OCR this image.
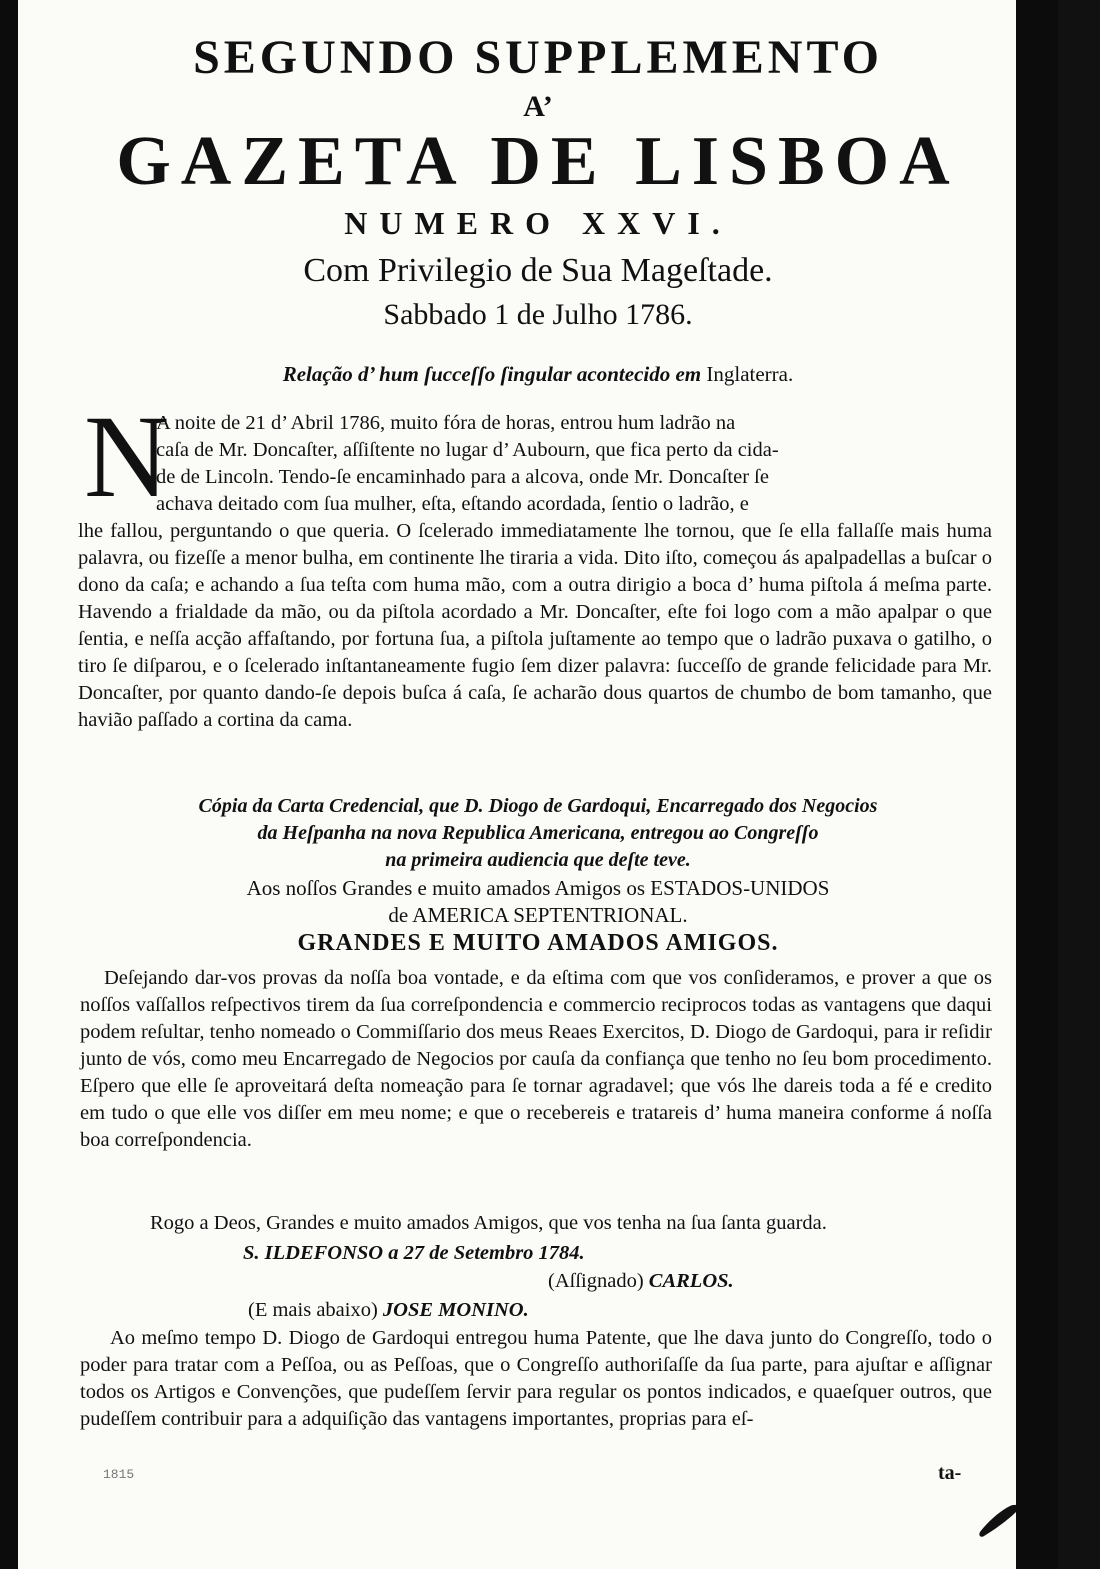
SEGUNDO SUPPLEMENTO
A’
GAZETA DE LISBOA
NUMERO XXVI.
Com Privilegio de Sua Mageſtade.
Sabbado 1 de Julho 1786.
Relação d’ hum ſucceſſo ſingular acontecido em Inglaterra.
N
A noite de 21 d’ Abril 1786, muito fóra de horas, entrou hum ladrão na
caſa de Mr. Doncaſter, aſſiſtente no lugar d’ Aubourn, que fica perto da cida-
de de Lincoln. Tendo-ſe encaminhado para a alcova, onde Mr. Doncaſter ſe
achava deitado com ſua mulher, eſta, eſtando acordada, ſentio o ladrão, e
lhe fallou, perguntando o que queria. O ſcelerado immediatamente lhe tornou, que ſe ella fallaſſe mais huma palavra, ou fizeſſe a menor bulha, em continente lhe tiraria a vida. Dito iſto, começou ás apalpadellas a buſcar o dono da caſa; e achando a ſua teſta com huma mão, com a outra dirigio a boca d’ huma piſtola á meſma parte. Havendo a frialdade da mão, ou da piſtola acordado a Mr. Doncaſter, eſte foi logo com a mão apalpar o que ſentia, e neſſa acção affaſtando, por fortuna ſua, a piſtola juſtamente ao tempo que o ladrão puxava o gatilho, o tiro ſe diſparou, e o ſcelerado inſtantaneamente fugio ſem dizer palavra: ſucceſſo de grande felicidade para Mr. Doncaſter, por quanto dando-ſe depois buſca á caſa, ſe acharão dous quartos de chumbo de bom tamanho, que havião paſſado a cortina da cama.
Cópia da Carta Credencial, que D. Diogo de Gardoqui, Encarregado dos Negocios
da Heſpanha na nova Republica Americana, entregou ao Congreſſo
na primeira audiencia que deſte teve.
Aos noſſos Grandes e muito amados Amigos os ESTADOS-UNIDOS
de AMERICA SEPTENTRIONAL.
GRANDES E MUITO AMADOS AMIGOS.
Deſejando dar-vos provas da noſſa boa vontade, e da eſtima com que vos conſideramos, e prover a que os noſſos vaſſallos reſpectivos tirem da ſua correſpondencia e commercio reciprocos todas as vantagens que daqui podem reſultar, tenho nomeado o Commiſſario dos meus Reaes Exercitos, D. Diogo de Gardoqui, para ir reſidir junto de vós, como meu Encarregado de Negocios por cauſa da confiança que tenho no ſeu bom procedimento. Eſpero que elle ſe aproveitará deſta nomeação para ſe tornar agradavel; que vós lhe dareis toda a fé e credito em tudo o que elle vos diſſer em meu nome; e que o recebereis e tratareis d’ huma maneira conforme á noſſa boa correſpondencia.
Rogo a Deos, Grandes e muito amados Amigos, que vos tenha na ſua ſanta guarda.
S. ILDEFONSO a 27 de Setembro 1784.
(Aſſignado) CARLOS.
(E mais abaixo) JOSE MONINO.
Ao meſmo tempo D. Diogo de Gardoqui entregou huma Patente, que lhe dava junto do Congreſſo, todo o poder para tratar com a Peſſoa, ou as Peſſoas, que o Congreſſo authoriſaſſe da ſua parte, para ajuſtar e aſſignar todos os Artigos e Convenções, que pudeſſem ſervir para regular os pontos indicados, e quaeſquer outros, que pudeſſem contribuir para a adquiſição das vantagens importantes, proprias para eſ-
1815	ta-
